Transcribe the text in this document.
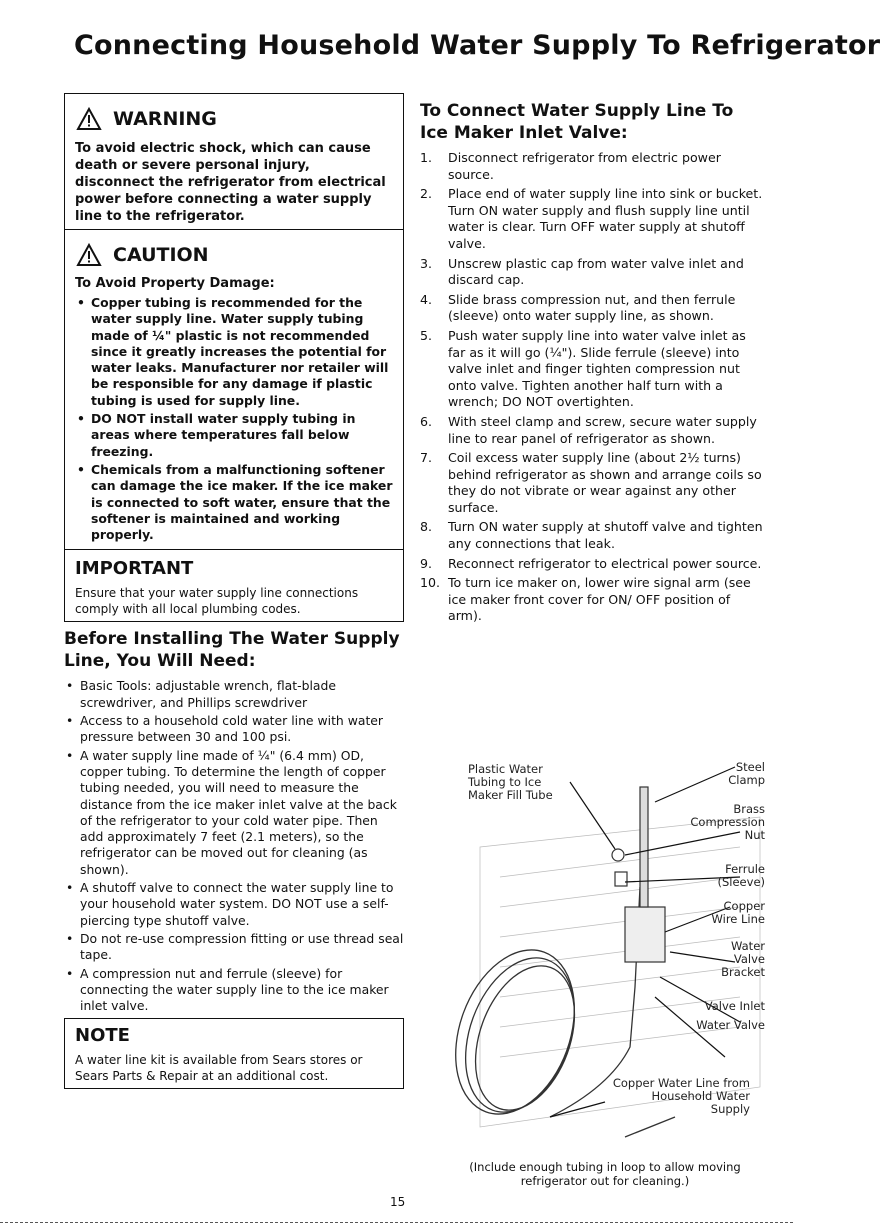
Connecting Household Water Supply To Refrigerator
WARNING
To avoid electric shock, which can cause death or severe personal injury, disconnect the refrigerator from electrical power before connecting a water supply line to the refrigerator.
CAUTION
To Avoid Property Damage:
• Copper tubing is recommended for the water supply line. Water supply tubing made of ¼" plastic is not recommended since it greatly increases the potential for water leaks. Manufacturer nor retailer will be responsible for any damage if plastic tubing is used for supply line.
• DO NOT install water supply tubing in areas where temperatures fall below freezing.
• Chemicals from a malfunctioning softener can damage the ice maker. If the ice maker is connected to soft water, ensure that the softener is maintained and working properly.
IMPORTANT
Ensure that your water supply line connections comply with all local plumbing codes.
Before Installing The Water Supply Line, You Will Need:
• Basic Tools: adjustable wrench, flat-blade screwdriver, and Phillips screwdriver
• Access to a household cold water line with water pressure between 30 and 100 psi.
• A water supply line made of ¼" (6.4 mm) OD, copper tubing. To determine the length of copper tubing needed, you will need to measure the distance from the ice maker inlet valve at the back of the refrigerator to your cold water pipe. Then add approximately 7 feet (2.1 meters), so the refrigerator can be moved out for cleaning (as shown).
• A shutoff valve to connect the water supply line to your household water system. DO NOT use a self-piercing type shutoff valve.
• Do not re-use compression fitting or use thread seal tape.
• A compression nut and ferrule (sleeve) for connecting the water supply line to the ice maker inlet valve.
NOTE
A water line kit is available from Sears stores or Sears Parts & Repair at an additional cost.
To Connect Water Supply Line To Ice Maker Inlet Valve:
1.	Disconnect refrigerator from electric power source.
2.	Place end of water supply line into sink or bucket. Turn ON water supply and flush supply line until water is clear. Turn OFF water supply at shutoff valve.
3.	Unscrew plastic cap from water valve inlet and discard cap.
4.	Slide brass compression nut, and then ferrule (sleeve) onto water supply line, as shown.
5.	Push water supply line into water valve inlet as far as it will go (¼"). Slide ferrule (sleeve) into valve inlet and finger tighten compression nut onto valve. Tighten another half turn with a wrench; DO NOT overtighten.
6.	With steel clamp and screw, secure water supply line to rear panel of refrigerator as shown.
7.	Coil excess water supply line (about 2½ turns) behind refrigerator as shown and arrange coils so they do not vibrate or wear against any other surface.
8.	Turn ON water supply at shutoff valve and tighten any connections that leak.
9.	Reconnect refrigerator to electrical power source.
10. To turn ice maker on, lower wire signal arm (see ice maker front cover for ON/ OFF position of arm).
Plastic Water Tubing to Ice Maker Fill Tube
Steel Clamp
Brass Compression Nut
Ferrule (Sleeve)
Copper Wire Line
Water Valve Bracket
Valve Inlet
Water Valve
Copper Water Line from Household Water Supply
(Include enough tubing in loop to allow moving refrigerator out for cleaning.)
15
